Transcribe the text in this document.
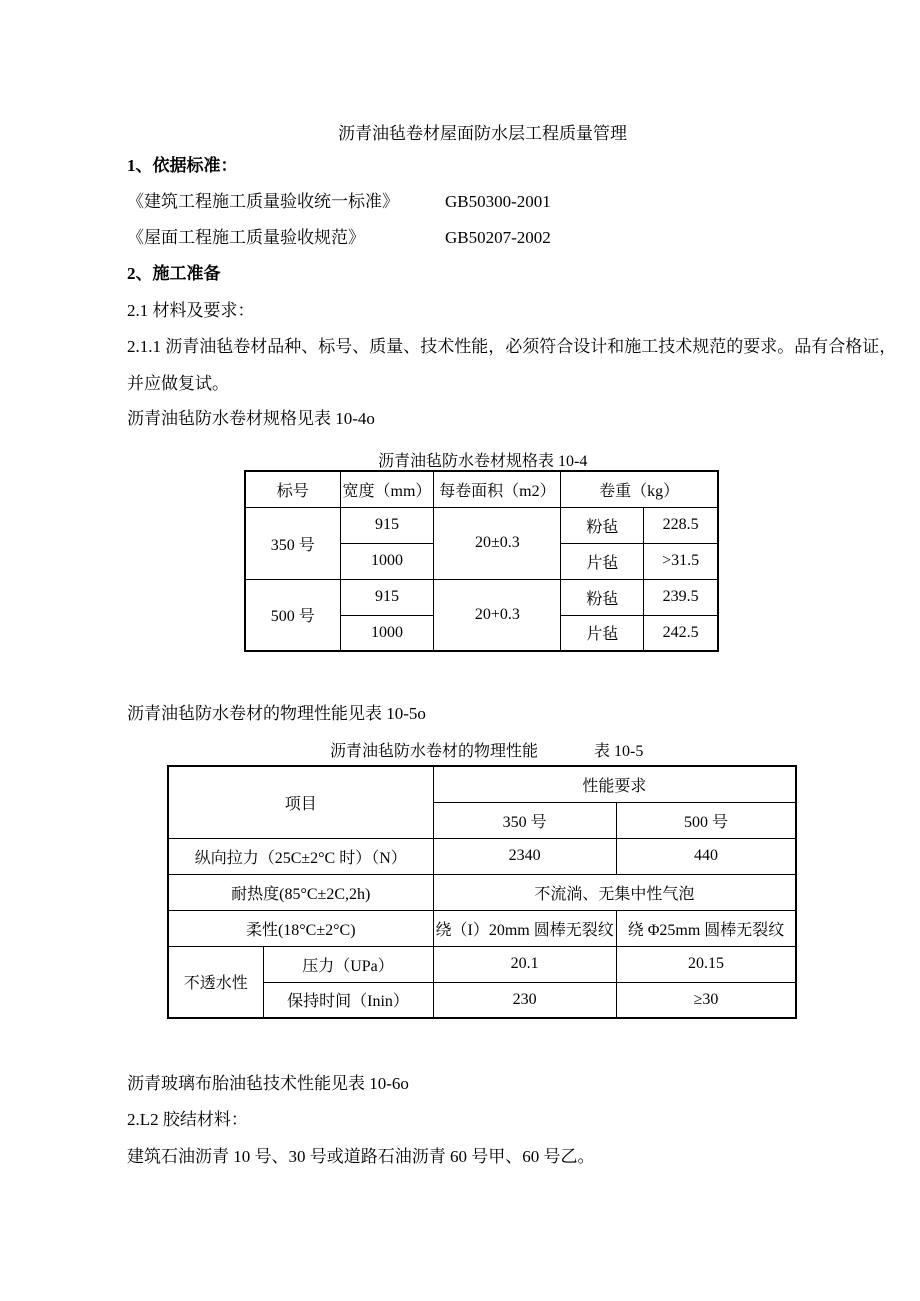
沥青油毡卷材屋面防水层工程质量管理
1、依据标准：
《建筑工程施工质量验收统一标准》	GB50300-2001
《屋面工程施工质量验收规范》	GB50207-2002
2、施工准备
2.1 材料及要求：
2.1.1 沥青油毡卷材品种、标号、质量、技术性能，必须符合设计和施工技术规范的要求。品有合格证，
并应做复试。
沥青油毡防水卷材规格见表 10-4o
沥青油毡防水卷材规格表 10-4
标号	宽度（mm）	每卷面积（m2）	卷重（kg）	
350 号	915	20±0.3	粉毡	228.5
	1000		片毡	>31.5
500 号	915	20+0.3	粉毡	239.5
	1000		片毡	242.5
沥青油毡防水卷材的物理性能见表 10-5o
沥青油毡防水卷材的物理性能	表 10-5
项目		性能要求	
		350 号	500 号
纵向拉力（25C±2°C 时）（N）		2340	440
耐热度(85°C±2C,2h)		不流淌、无集中性气泡	
柔性(18°C±2°C)		绕（I）20mm 圆棒无裂纹	绕 Φ25mm 圆棒无裂纹
不透水性	压力（UPa）	20.1	20.15
	保持时间（Inin）	230	≥30
沥青玻璃布胎油毡技术性能见表 10-6o
2.L2 胶结材料：
建筑石油沥青 10 号、30 号或道路石油沥青 60 号甲、60 号乙。
